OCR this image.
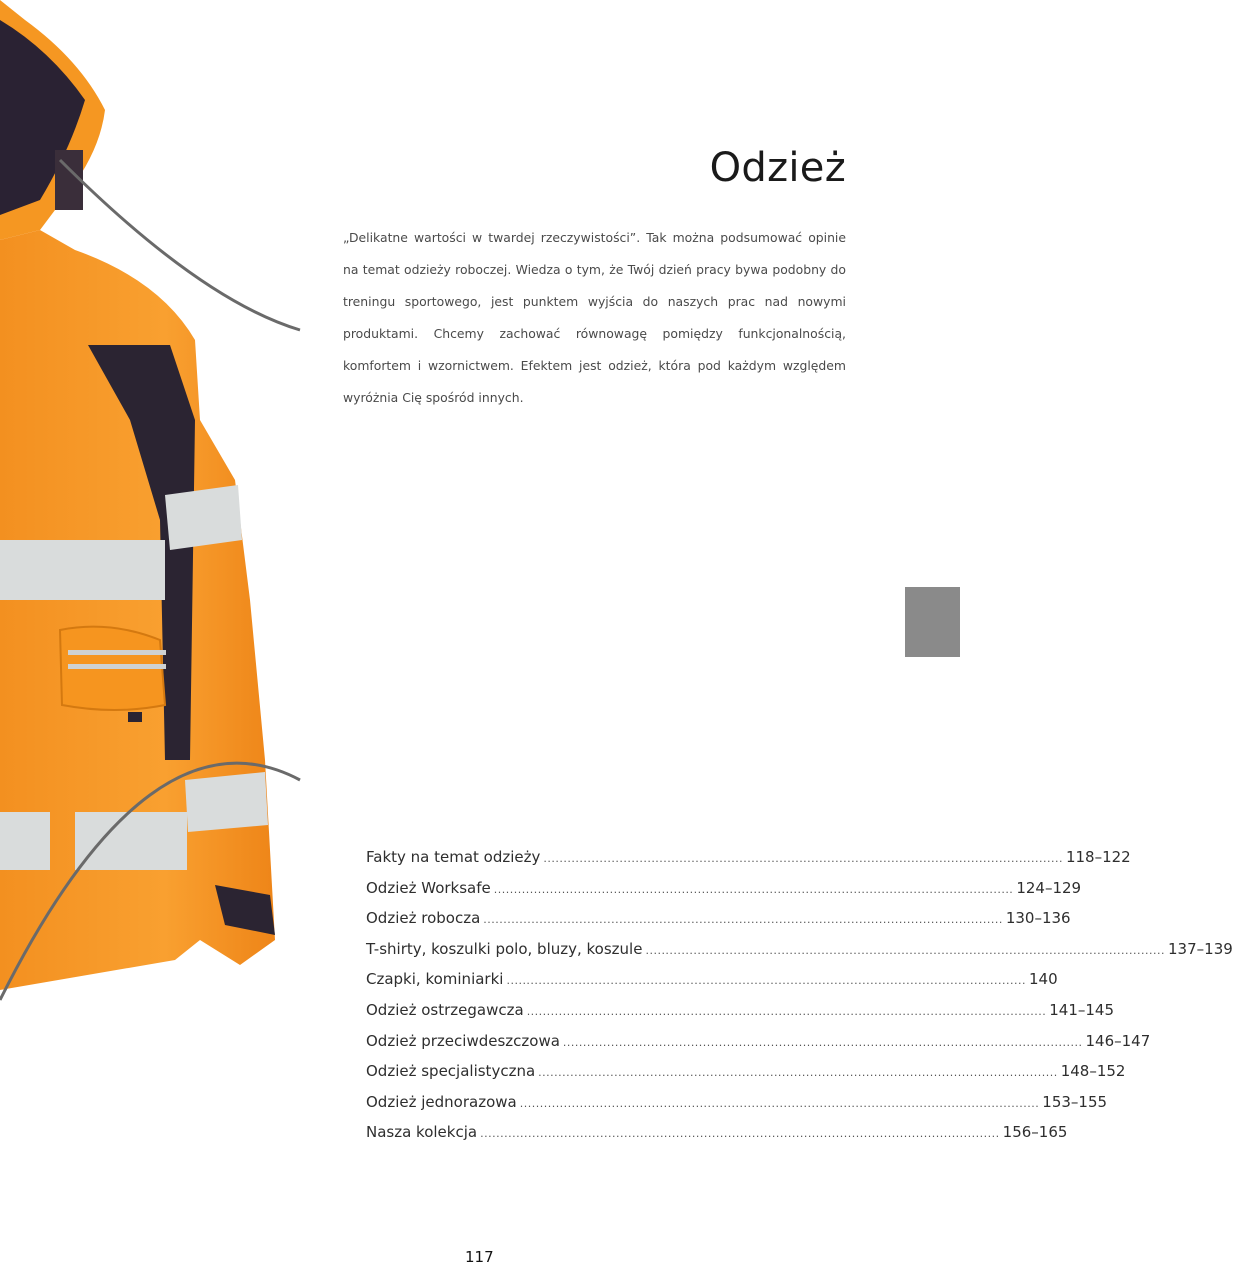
Odzież

„Delikatne wartości w twardej rzeczywistości”. Tak można podsumować opinie na temat odzieży roboczej. Wiedza o tym, że Twój dzień pracy bywa podobny do treningu sportowego, jest punktem wyjścia do naszych prac nad nowymi produktami. Chcemy zachować równowagę pomiędzy funkcjonalnością, komfortem i wzornictwem. Efektem jest odzież, która pod każdym względem wyróżnia Cię spośród innych.

Fakty na temat odzieży .................................................................................................................................. 118–122
Odzież Worksafe .................................................................................................................................. 124–129
Odzież robocza .................................................................................................................................. 130–136
T-shirty, koszulki polo, bluzy, koszule .................................................................................................................................. 137–139
Czapki, kominiarki .................................................................................................................................. 140
Odzież ostrzegawcza .................................................................................................................................. 141–145
Odzież przeciwdeszczowa .................................................................................................................................. 146–147
Odzież specjalistyczna .................................................................................................................................. 148–152
Odzież jednorazowa .................................................................................................................................. 153–155
Nasza kolekcja .................................................................................................................................. 156–165

117
